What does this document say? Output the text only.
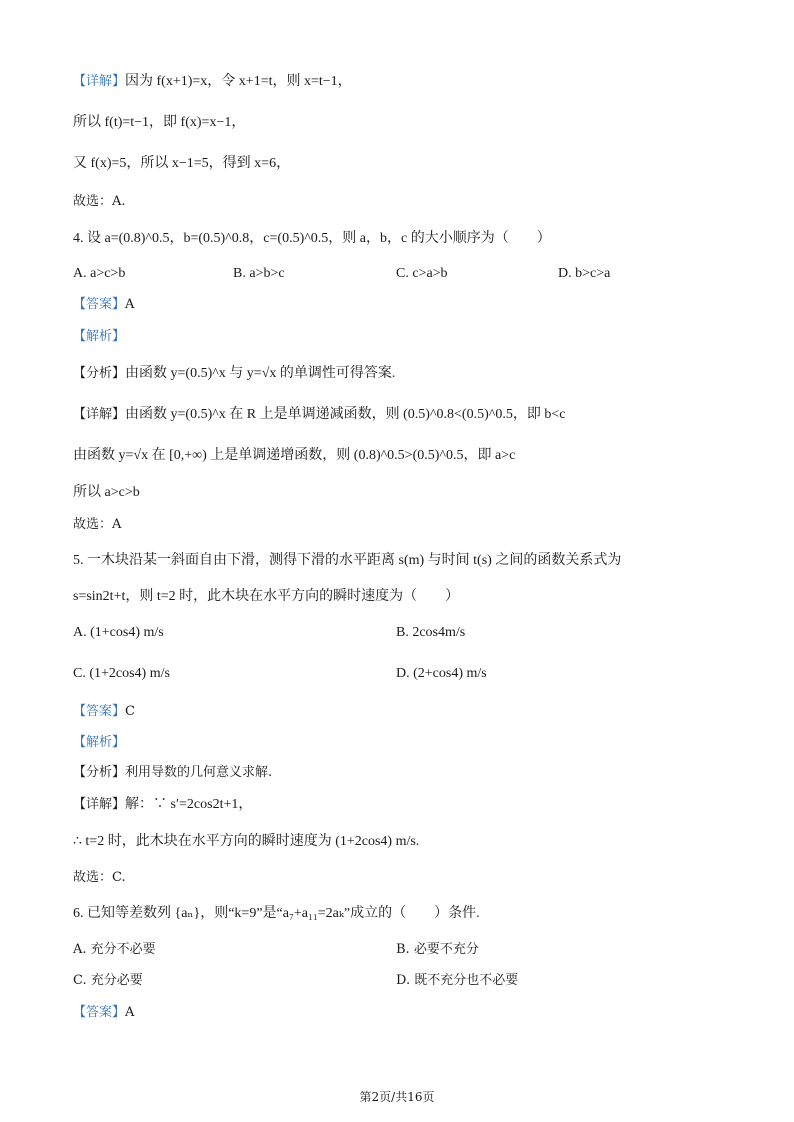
【详解】因为 f(x+1)=x，令 x+1=t，则 x=t−1，
所以 f(t)=t−1，即 f(x)=x−1，
又 f(x)=5，所以 x−1=5，得到 x=6，
故选：A.
4. 设 a=(0.8)^0.5，b=(0.5)^0.8，c=(0.5)^0.5，则 a，b，c 的大小顺序为（　　）
A. a>c>b	B. a>b>c	C. c>a>b	D. b>c>a
【答案】A
【解析】
【分析】由函数 y=(0.5)^x 与 y=√x 的单调性可得答案.
【详解】由函数 y=(0.5)^x 在 R 上是单调递减函数，则 (0.5)^0.8<(0.5)^0.5，即 b<c
由函数 y=√x 在 [0,+∞) 上是单调递增函数，则 (0.8)^0.5>(0.5)^0.5，即 a>c
所以 a>c>b
故选：A
5. 一木块沿某一斜面自由下滑，测得下滑的水平距离 s(m) 与时间 t(s) 之间的函数关系式为
s=sin2t+t，则 t=2 时，此木块在水平方向的瞬时速度为（　　）
A. (1+cos4) m/s	B. 2cos4m/s
C. (1+2cos4) m/s	D. (2+cos4) m/s
【答案】C
【解析】
【分析】利用导数的几何意义求解.
【详解】解：∵ s′=2cos2t+1，
∴ t=2 时，此木块在水平方向的瞬时速度为 (1+2cos4) m/s.
故选：C.
6. 已知等差数列 {aₙ}，则“k=9”是“a₇+a₁₁=2aₖ”成立的（　　）条件.
A. 充分不必要	B. 必要不充分
C. 充分必要	D. 既不充分也不必要
【答案】A
第2页/共16页
